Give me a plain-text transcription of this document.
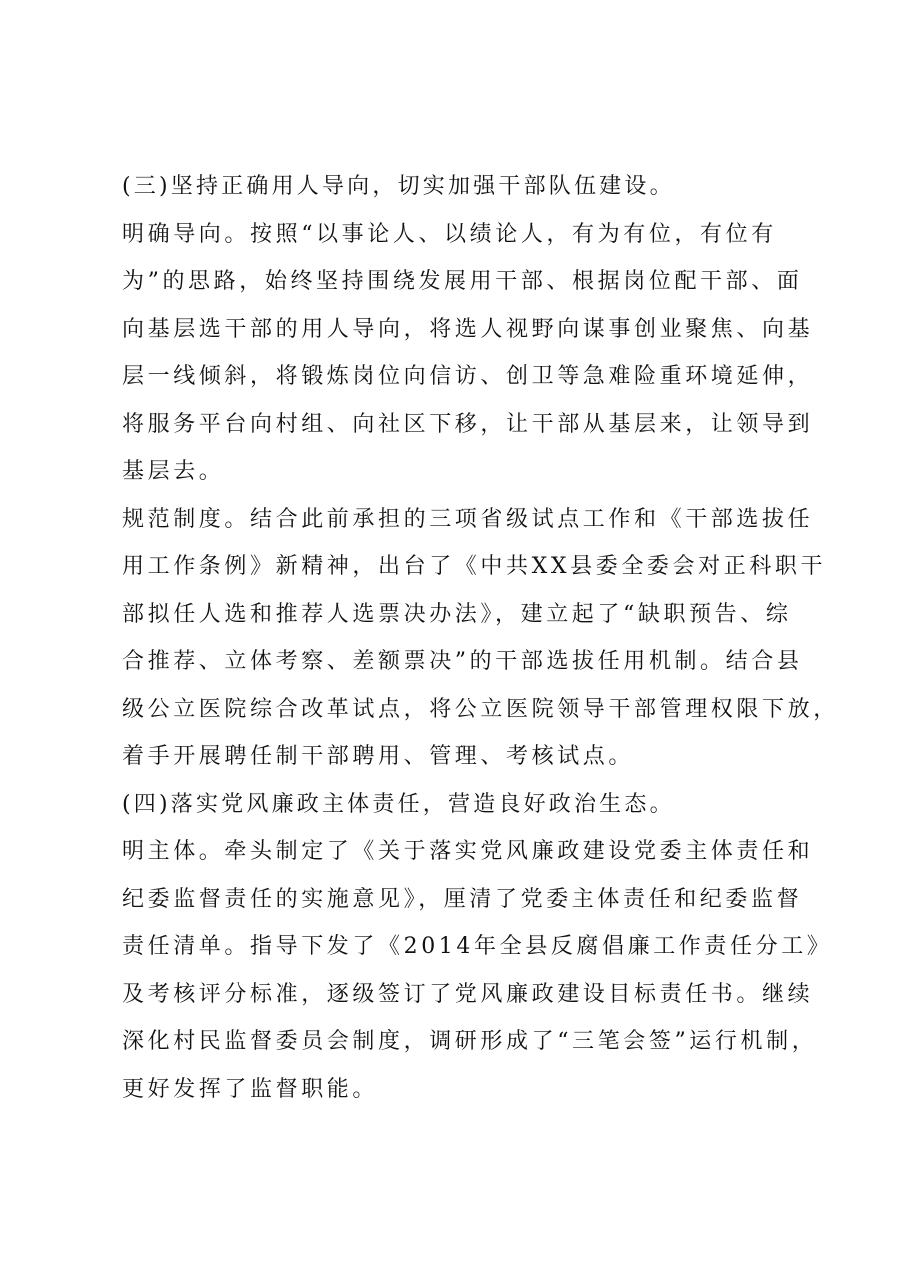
(三)坚持正确用人导向，切实加强干部队伍建设。
明确导向。按照“以事论人、以绩论人，有为有位，有位有
为”的思路，始终坚持围绕发展用干部、根据岗位配干部、面
向基层选干部的用人导向，将选人视野向谋事创业聚焦、向基
层一线倾斜，将锻炼岗位向信访、创卫等急难险重环境延伸，
将服务平台向村组、向社区下移，让干部从基层来，让领导到
基层去。
规范制度。结合此前承担的三项省级试点工作和《干部选拔任
用工作条例》新精神，出台了《中共XX县委全委会对正科职干
部拟任人选和推荐人选票决办法》，建立起了“缺职预告、综
合推荐、立体考察、差额票决”的干部选拔任用机制。结合县
级公立医院综合改革试点，将公立医院领导干部管理权限下放，
着手开展聘任制干部聘用、管理、考核试点。
(四)落实党风廉政主体责任，营造良好政治生态。
明主体。牵头制定了《关于落实党风廉政建设党委主体责任和
纪委监督责任的实施意见》，厘清了党委主体责任和纪委监督
责任清单。指导下发了《2014年全县反腐倡廉工作责任分工》
及考核评分标准，逐级签订了党风廉政建设目标责任书。继续
深化村民监督委员会制度，调研形成了“三笔会签”运行机制，
更好发挥了监督职能。
